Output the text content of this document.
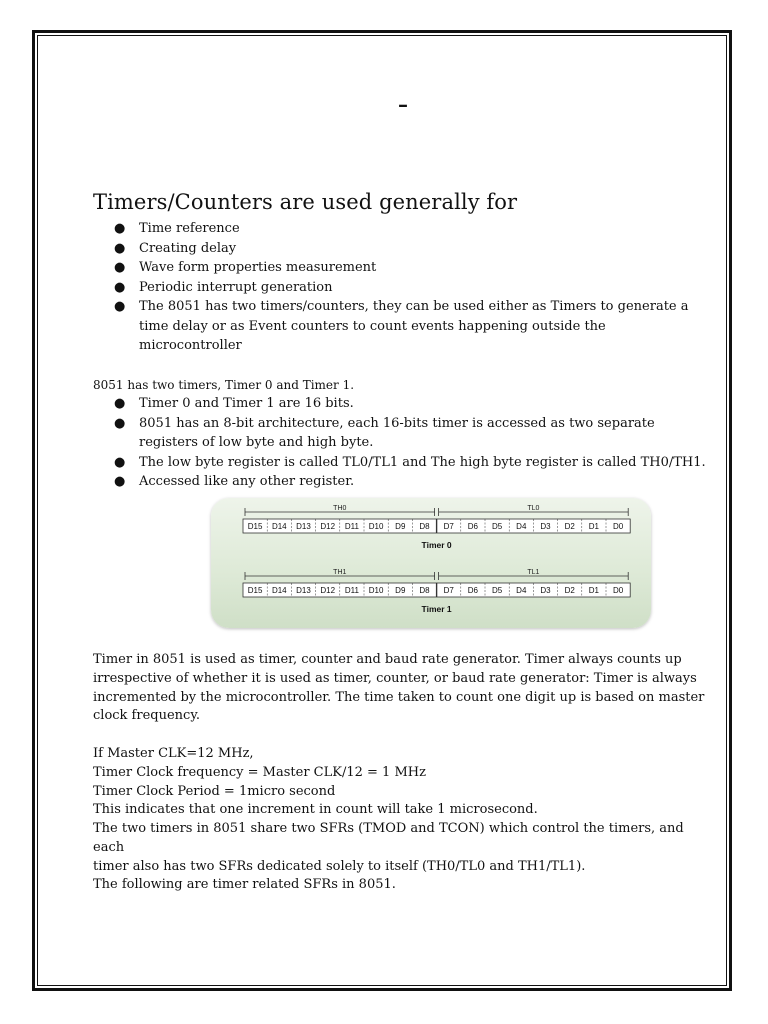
–
Timers/Counters are used generally for
● Time reference
● Creating delay
● Wave form properties measurement
● Periodic interrupt generation
● The 8051 has two timers/counters, they can be used either as Timers to generate a
time delay or as Event counters to count events happening outside the
microcontroller
8051 has two timers, Timer 0 and Timer 1.
● Timer 0 and Timer 1 are 16 bits.
● 8051 has an 8-bit architecture, each 16-bits timer is accessed as two separate
registers of low byte and high byte.
● The low byte register is called TL0/TL1 and The high byte register is called TH0/TH1.
● Accessed like any other register.
TH0	TL0
D15 D14 D13 D12 D11 D10 D9 D8 D7 D6 D5 D4 D3 D2 D1 D0
Timer 0
TH1	TL1
D15 D14 D13 D12 D11 D10 D9 D8 D7 D6 D5 D4 D3 D2 D1 D0
Timer 1
Timer in 8051 is used as timer, counter and baud rate generator. Timer always counts up
irrespective of whether it is used as timer, counter, or baud rate generator: Timer is always
incremented by the microcontroller. The time taken to count one digit up is based on master
clock frequency.
If Master CLK=12 MHz,
Timer Clock frequency = Master CLK/12 = 1 MHz
Timer Clock Period = 1micro second
This indicates that one increment in count will take 1 microsecond.
The two timers in 8051 share two SFRs (TMOD and TCON) which control the timers, and each
timer also has two SFRs dedicated solely to itself (TH0/TL0 and TH1/TL1).
The following are timer related SFRs in 8051.
